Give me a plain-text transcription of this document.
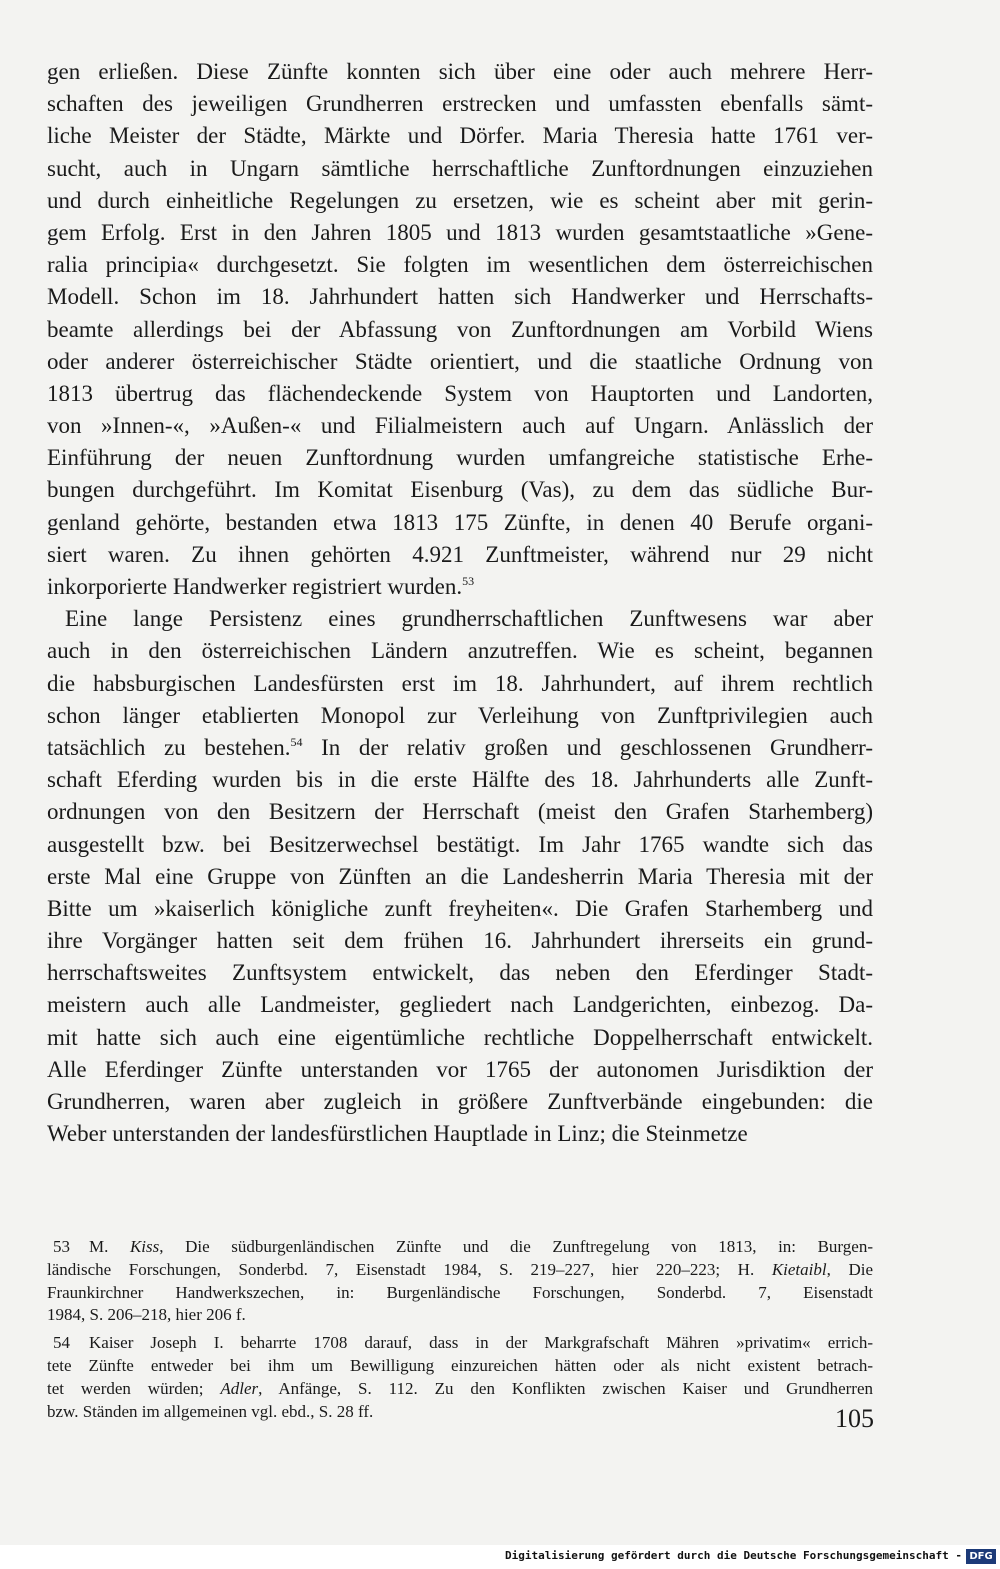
gen erließen. Diese Zünfte konnten sich über eine oder auch mehrere Herr-
schaften des jeweiligen Grundherren erstrecken und umfassten ebenfalls sämt-
liche Meister der Städte, Märkte und Dörfer. Maria Theresia hatte 1761 ver-
sucht, auch in Ungarn sämtliche herrschaftliche Zunftordnungen einzuziehen
und durch einheitliche Regelungen zu ersetzen, wie es scheint aber mit gerin-
gem Erfolg. Erst in den Jahren 1805 und 1813 wurden gesamtstaatliche »Gene-
ralia principia« durchgesetzt. Sie folgten im wesentlichen dem österreichischen
Modell. Schon im 18. Jahrhundert hatten sich Handwerker und Herrschafts-
beamte allerdings bei der Abfassung von Zunftordnungen am Vorbild Wiens
oder anderer österreichischer Städte orientiert, und die staatliche Ordnung von
1813 übertrug das flächendeckende System von Hauptorten und Landorten,
von »Innen-«, »Außen-« und Filialmeistern auch auf Ungarn. Anlässlich der
Einführung der neuen Zunftordnung wurden umfangreiche statistische Erhe-
bungen durchgeführt. Im Komitat Eisenburg (Vas), zu dem das südliche Bur-
genland gehörte, bestanden etwa 1813 175 Zünfte, in denen 40 Berufe organi-
siert waren. Zu ihnen gehörten 4.921 Zunftmeister, während nur 29 nicht
inkorporierte Handwerker registriert wurden.$^{53}$
Eine lange Persistenz eines grundherrschaftlichen Zunftwesens war aber
auch in den österreichischen Ländern anzutreffen. Wie es scheint, begannen
die habsburgischen Landesfürsten erst im 18. Jahrhundert, auf ihrem rechtlich
schon länger etablierten Monopol zur Verleihung von Zunftprivilegien auch
tatsächlich zu bestehen.$^{54}$ In der relativ großen und geschlossenen Grundherr-
schaft Eferding wurden bis in die erste Hälfte des 18. Jahrhunderts alle Zunft-
ordnungen von den Besitzern der Herrschaft (meist den Grafen Starhemberg)
ausgestellt bzw. bei Besitzerwechsel bestätigt. Im Jahr 1765 wandte sich das
erste Mal eine Gruppe von Zünften an die Landesherrin Maria Theresia mit der
Bitte um »kaiserlich königliche zunft freyheiten«. Die Grafen Starhemberg und
ihre Vorgänger hatten seit dem frühen 16. Jahrhundert ihrerseits ein grund-
herrschaftsweites Zunftsystem entwickelt, das neben den Eferdinger Stadt-
meistern auch alle Landmeister, gegliedert nach Landgerichten, einbezog. Da-
mit hatte sich auch eine eigentümliche rechtliche Doppelherrschaft entwickelt.
Alle Eferdinger Zünfte unterstanden vor 1765 der autonomen Jurisdiktion der
Grundherren, waren aber zugleich in größere Zunftverbände eingebunden: die
Weber unterstanden der landesfürstlichen Hauptlade in Linz; die Steinmetze
53 M. Kiss, Die südburgenländischen Zünfte und die Zunftregelung von 1813, in: Burgen-
ländische Forschungen, Sonderbd. 7, Eisenstadt 1984, S. 219–227, hier 220–223; H. Kietaibl, Die
Fraunkirchner Handwerkszechen, in: Burgenländische Forschungen, Sonderbd. 7, Eisenstadt
1984, S. 206–218, hier 206 f.
54 Kaiser Joseph I. beharrte 1708 darauf, dass in der Markgrafschaft Mähren »privatim« errich-
tete Zünfte entweder bei ihm um Bewilligung einzureichen hätten oder als nicht existent betrach-
tet werden würden; Adler, Anfänge, S. 112. Zu den Konflikten zwischen Kaiser und Grundherren
bzw. Ständen im allgemeinen vgl. ebd., S. 28 ff.	105
Digitalisierung gefördert durch die Deutsche Forschungsgemeinschaft - DFG
